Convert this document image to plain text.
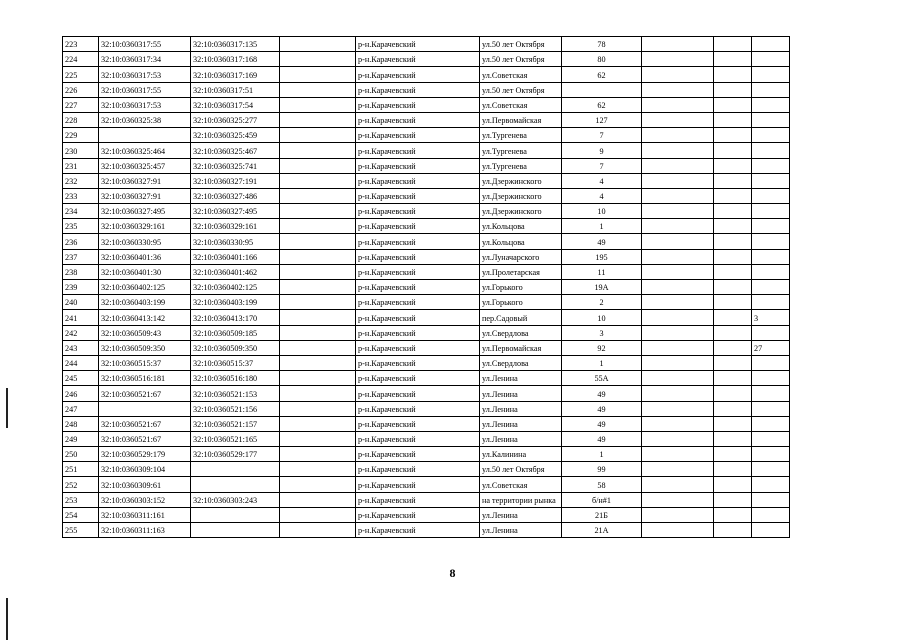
223	32:10:0360317:55	32:10:0360317:135		р-н.Карачевский		ул.50 лет Октября	78			
224	32:10:0360317:34	32:10:0360317:168		р-н.Карачевский		ул.50 лет Октября	80			
225	32:10:0360317:53	32:10:0360317:169		р-н.Карачевский		ул.Советская	62			
226	32:10:0360317:55	32:10:0360317:51		р-н.Карачевский		ул.50 лет Октября				
227	32:10:0360317:53	32:10:0360317:54		р-н.Карачевский		ул.Советская	62			
228	32:10:0360325:38	32:10:0360325:277		р-н.Карачевский		ул.Первомайская	127			
229		32:10:0360325:459		р-н.Карачевский		ул.Тургенева	7			
230	32:10:0360325:464	32:10:0360325:467		р-н.Карачевский		ул.Тургенева	9			
231	32:10:0360325:457	32:10:0360325:741		р-н.Карачевский		ул.Тургенева	7			
232	32:10:0360327:91	32:10:0360327:191		р-н.Карачевский		ул.Дзержинского	4			
233	32:10:0360327:91	32:10:0360327:486		р-н.Карачевский		ул.Дзержинского	4			
234	32:10:0360327:495	32:10:0360327:495		р-н.Карачевский		ул.Дзержинского	10			
235	32:10:0360329:161	32:10:0360329:161		р-н.Карачевский		ул.Кольцова	1			
236	32:10:0360330:95	32:10:0360330:95		р-н.Карачевский		ул.Кольцова	49			
237	32:10:0360401:36	32:10:0360401:166		р-н.Карачевский		ул.Луначарского	195			
238	32:10:0360401:30	32:10:0360401:462		р-н.Карачевский		ул.Пролетарская	11			
239	32:10:0360402:125	32:10:0360402:125		р-н.Карачевский		ул.Горького	19А			
240	32:10:0360403:199	32:10:0360403:199		р-н.Карачевский		ул.Горького	2			
241	32:10:0360413:142	32:10:0360413:170		р-н.Карачевский		пер.Садовый	10			3
242	32:10:0360509:43	32:10:0360509:185		р-н.Карачевский		ул.Свердлова	3			
243	32:10:0360509:350	32:10:0360509:350		р-н.Карачевский		ул.Первомайская	92			27
244	32:10:0360515:37	32:10:0360515:37		р-н.Карачевский		ул.Свердлова	1			
245	32:10:0360516:181	32:10:0360516:180		р-н.Карачевский		ул.Ленина	55А			
246	32:10:0360521:67	32:10:0360521:153		р-н.Карачевский		ул.Ленина	49			
247		32:10:0360521:156		р-н.Карачевский		ул.Ленина	49			
248	32:10:0360521:67	32:10:0360521:157		р-н.Карачевский		ул.Ленина	49			
249	32:10:0360521:67	32:10:0360521:165		р-н.Карачевский		ул.Ленина	49			
250	32:10:0360529:179	32:10:0360529:177		р-н.Карачевский		ул.Калинина	1			
251	32:10:0360309:104			р-н.Карачевский		ул.50 лет Октября	99			
252	32:10:0360309:61			р-н.Карачевский		ул.Советская	58			
253	32:10:0360303:152	32:10:0360303:243		р-н.Карачевский		на территории рынка	б/н#1			
254	32:10:0360311:161			р-н.Карачевский		ул.Ленина	21Б			
255	32:10:0360311:163			р-н.Карачевский		ул.Ленина	21А			
8
